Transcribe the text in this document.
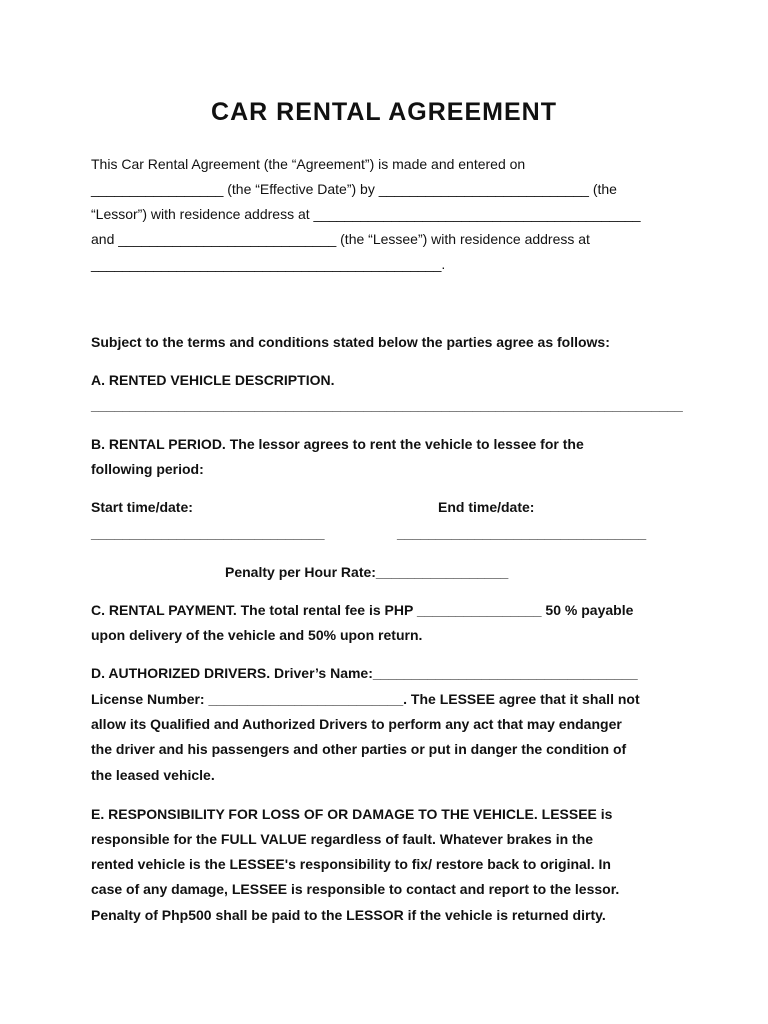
CAR RENTAL AGREEMENT
This Car Rental Agreement (the “Agreement”) is made and entered on
_________________ (the “Effective Date”) by ___________________________ (the
“Lessor”) with residence address at __________________________________________
and ____________________________ (the “Lessee”) with residence address at
_____________________________________________.
Subject to the terms and conditions stated below the parties agree as follows:
A. RENTED VEHICLE DESCRIPTION.
____________________________________________________________________________
B. RENTAL PERIOD. The lessor agrees to rent the vehicle to lessee for the
following period:
Start time/date:	End time/date:
______________________________	________________________________
Penalty per Hour Rate:_________________
C. RENTAL PAYMENT. The total rental fee is PHP ________________ 50 % payable
upon delivery of the vehicle and 50% upon return.
D. AUTHORIZED DRIVERS. Driver’s Name:__________________________________
License Number: _________________________. The LESSEE agree that it shall not
allow its Qualified and Authorized Drivers to perform any act that may endanger
the driver and his passengers and other parties or put in danger the condition of
the leased vehicle.
E. RESPONSIBILITY FOR LOSS OF OR DAMAGE TO THE VEHICLE. LESSEE is
responsible for the FULL VALUE regardless of fault. Whatever brakes in the
rented vehicle is the LESSEE's responsibility to fix/ restore back to original. In
case of any damage, LESSEE is responsible to contact and report to the lessor.
Penalty of Php500 shall be paid to the LESSOR if the vehicle is returned dirty.
